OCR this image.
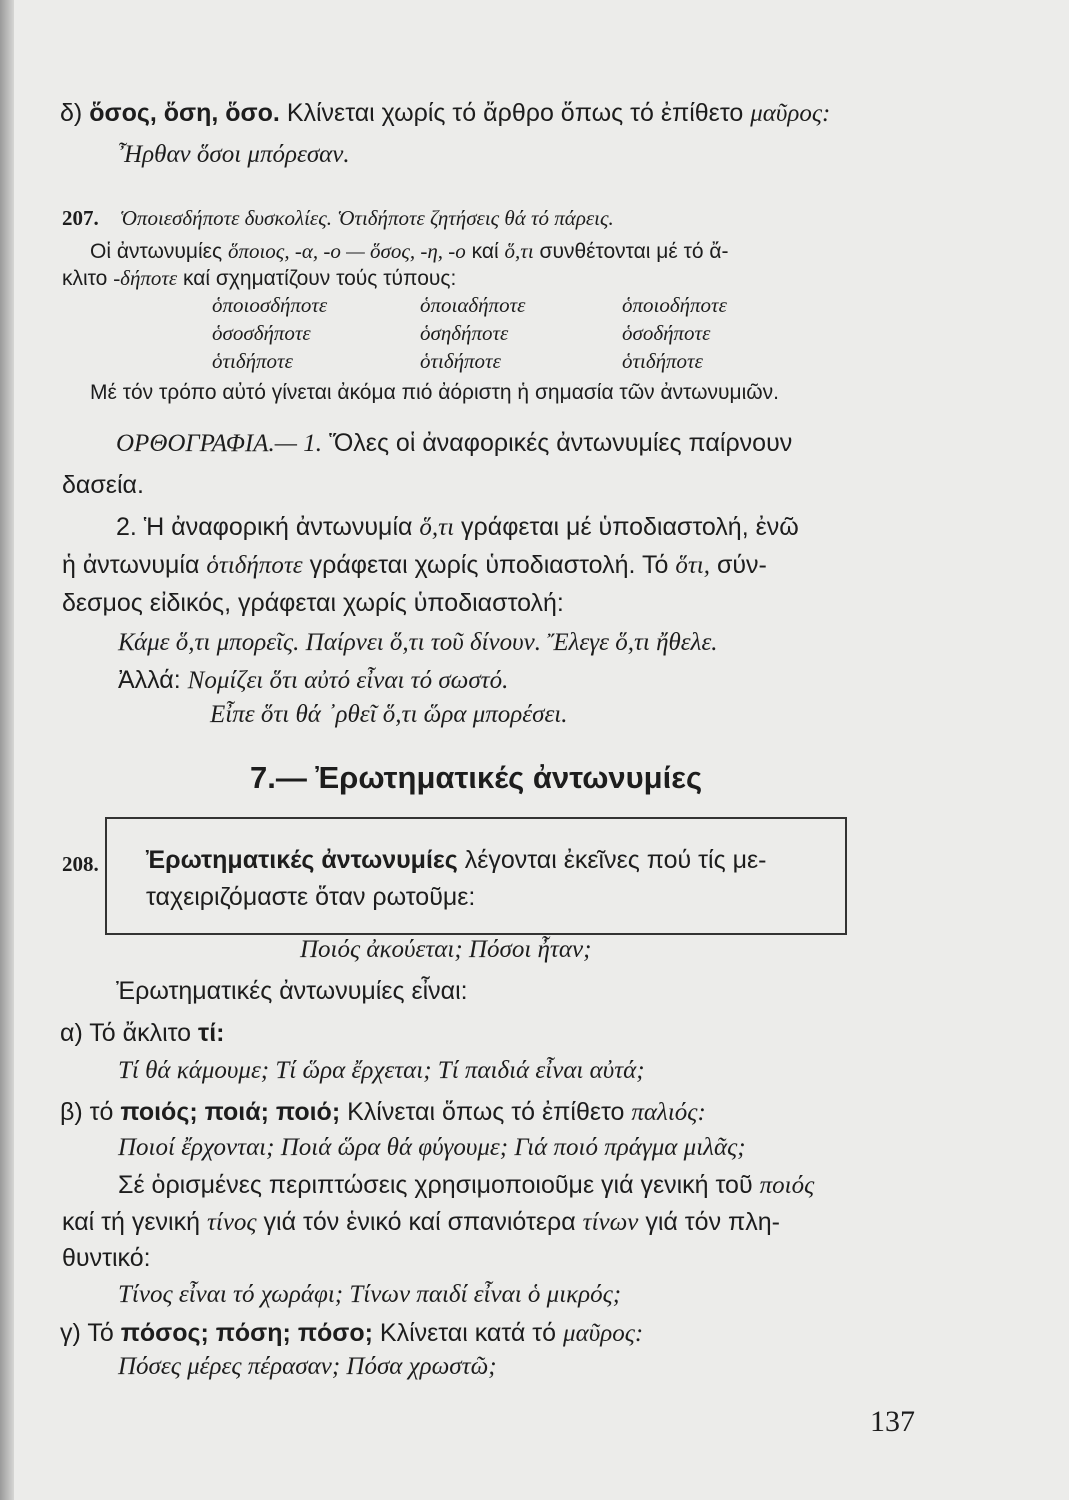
δ) ὅσος, ὅση, ὅσο. Κλίνεται χωρίς τό ἄρθρο ὅπως τό ἐπίθετο μαῦρος:
Ἦρθαν ὅσοι μπόρεσαν.
207. Ὁποιεσδήποτε δυσκολίες. Ὁτιδήποτε ζητήσεις θά τό πάρεις.
Οἱ ἀντωνυμίες ὅποιος, -α, -ο — ὅσος, -η, -ο καί ὅ,τι συνθέτονται μέ τό ἄ-
κλιτο -δήποτε καί σχηματίζουν τούς τύπους:
ὁποιοσδήποτε	ὁποιαδήποτε	ὁποιοδήποτε
ὁσοσδήποτε	ὁσηδήποτε	ὁσοδήποτε
ὁτιδήποτε	ὁτιδήποτε	ὁτιδήποτε
Μέ τόν τρόπο αὐτό γίνεται ἀκόμα πιό ἀόριστη ἡ σημασία τῶν ἀντωνυμιῶν.
ΟΡΘΟΓΡΑΦΙΑ.— 1. Ὅλες οἱ ἀναφορικές ἀντωνυμίες παίρνουν
δασεία.
2. Ἡ ἀναφορική ἀντωνυμία ὅ,τι γράφεται μέ ὑποδιαστολή, ἐνῶ
ἡ ἀντωνυμία ὁτιδήποτε γράφεται χωρίς ὑποδιαστολή. Τό ὅτι, σύν-
δεσμος εἰδικός, γράφεται χωρίς ὑποδιαστολή:
Κάμε ὅ,τι μπορεῖς. Παίρνει ὅ,τι τοῦ δίνουν. Ἔλεγε ὅ,τι ἤθελε.
Ἀλλά: Νομίζει ὅτι αὐτό εἶναι τό σωστό.
Εἶπε ὅτι θά ᾽ρθεῖ ὅ,τι ὥρα μπορέσει.
7.— Ἐρωτηματικές ἀντωνυμίες
208. Ἐρωτηματικές ἀντωνυμίες λέγονται ἐκεῖνες πού τίς με-
ταχειριζόμαστε ὅταν ρωτοῦμε:
Ποιός ἀκούεται; Πόσοι ἦταν;
Ἐρωτηματικές ἀντωνυμίες εἶναι:
α) Τό ἄκλιτο τί:
Τί θά κάμουμε; Τί ὥρα ἔρχεται; Τί παιδιά εἶναι αὐτά;
β) τό ποιός; ποιά; ποιό; Κλίνεται ὅπως τό ἐπίθετο παλιός:
Ποιοί ἔρχονται; Ποιά ὥρα θά φύγουμε; Γιά ποιό πράγμα μιλᾶς;
Σέ ὁρισμένες περιπτώσεις χρησιμοποιοῦμε γιά γενική τοῦ ποιός
καί τή γενική τίνος γιά τόν ἑνικό καί σπανιότερα τίνων γιά τόν πλη-
θυντικό:
Τίνος εἶναι τό χωράφι; Τίνων παιδί εἶναι ὁ μικρός;
γ) Τό πόσος; πόση; πόσο; Κλίνεται κατά τό μαῦρος:
Πόσες μέρες πέρασαν; Πόσα χρωστῶ;
137
